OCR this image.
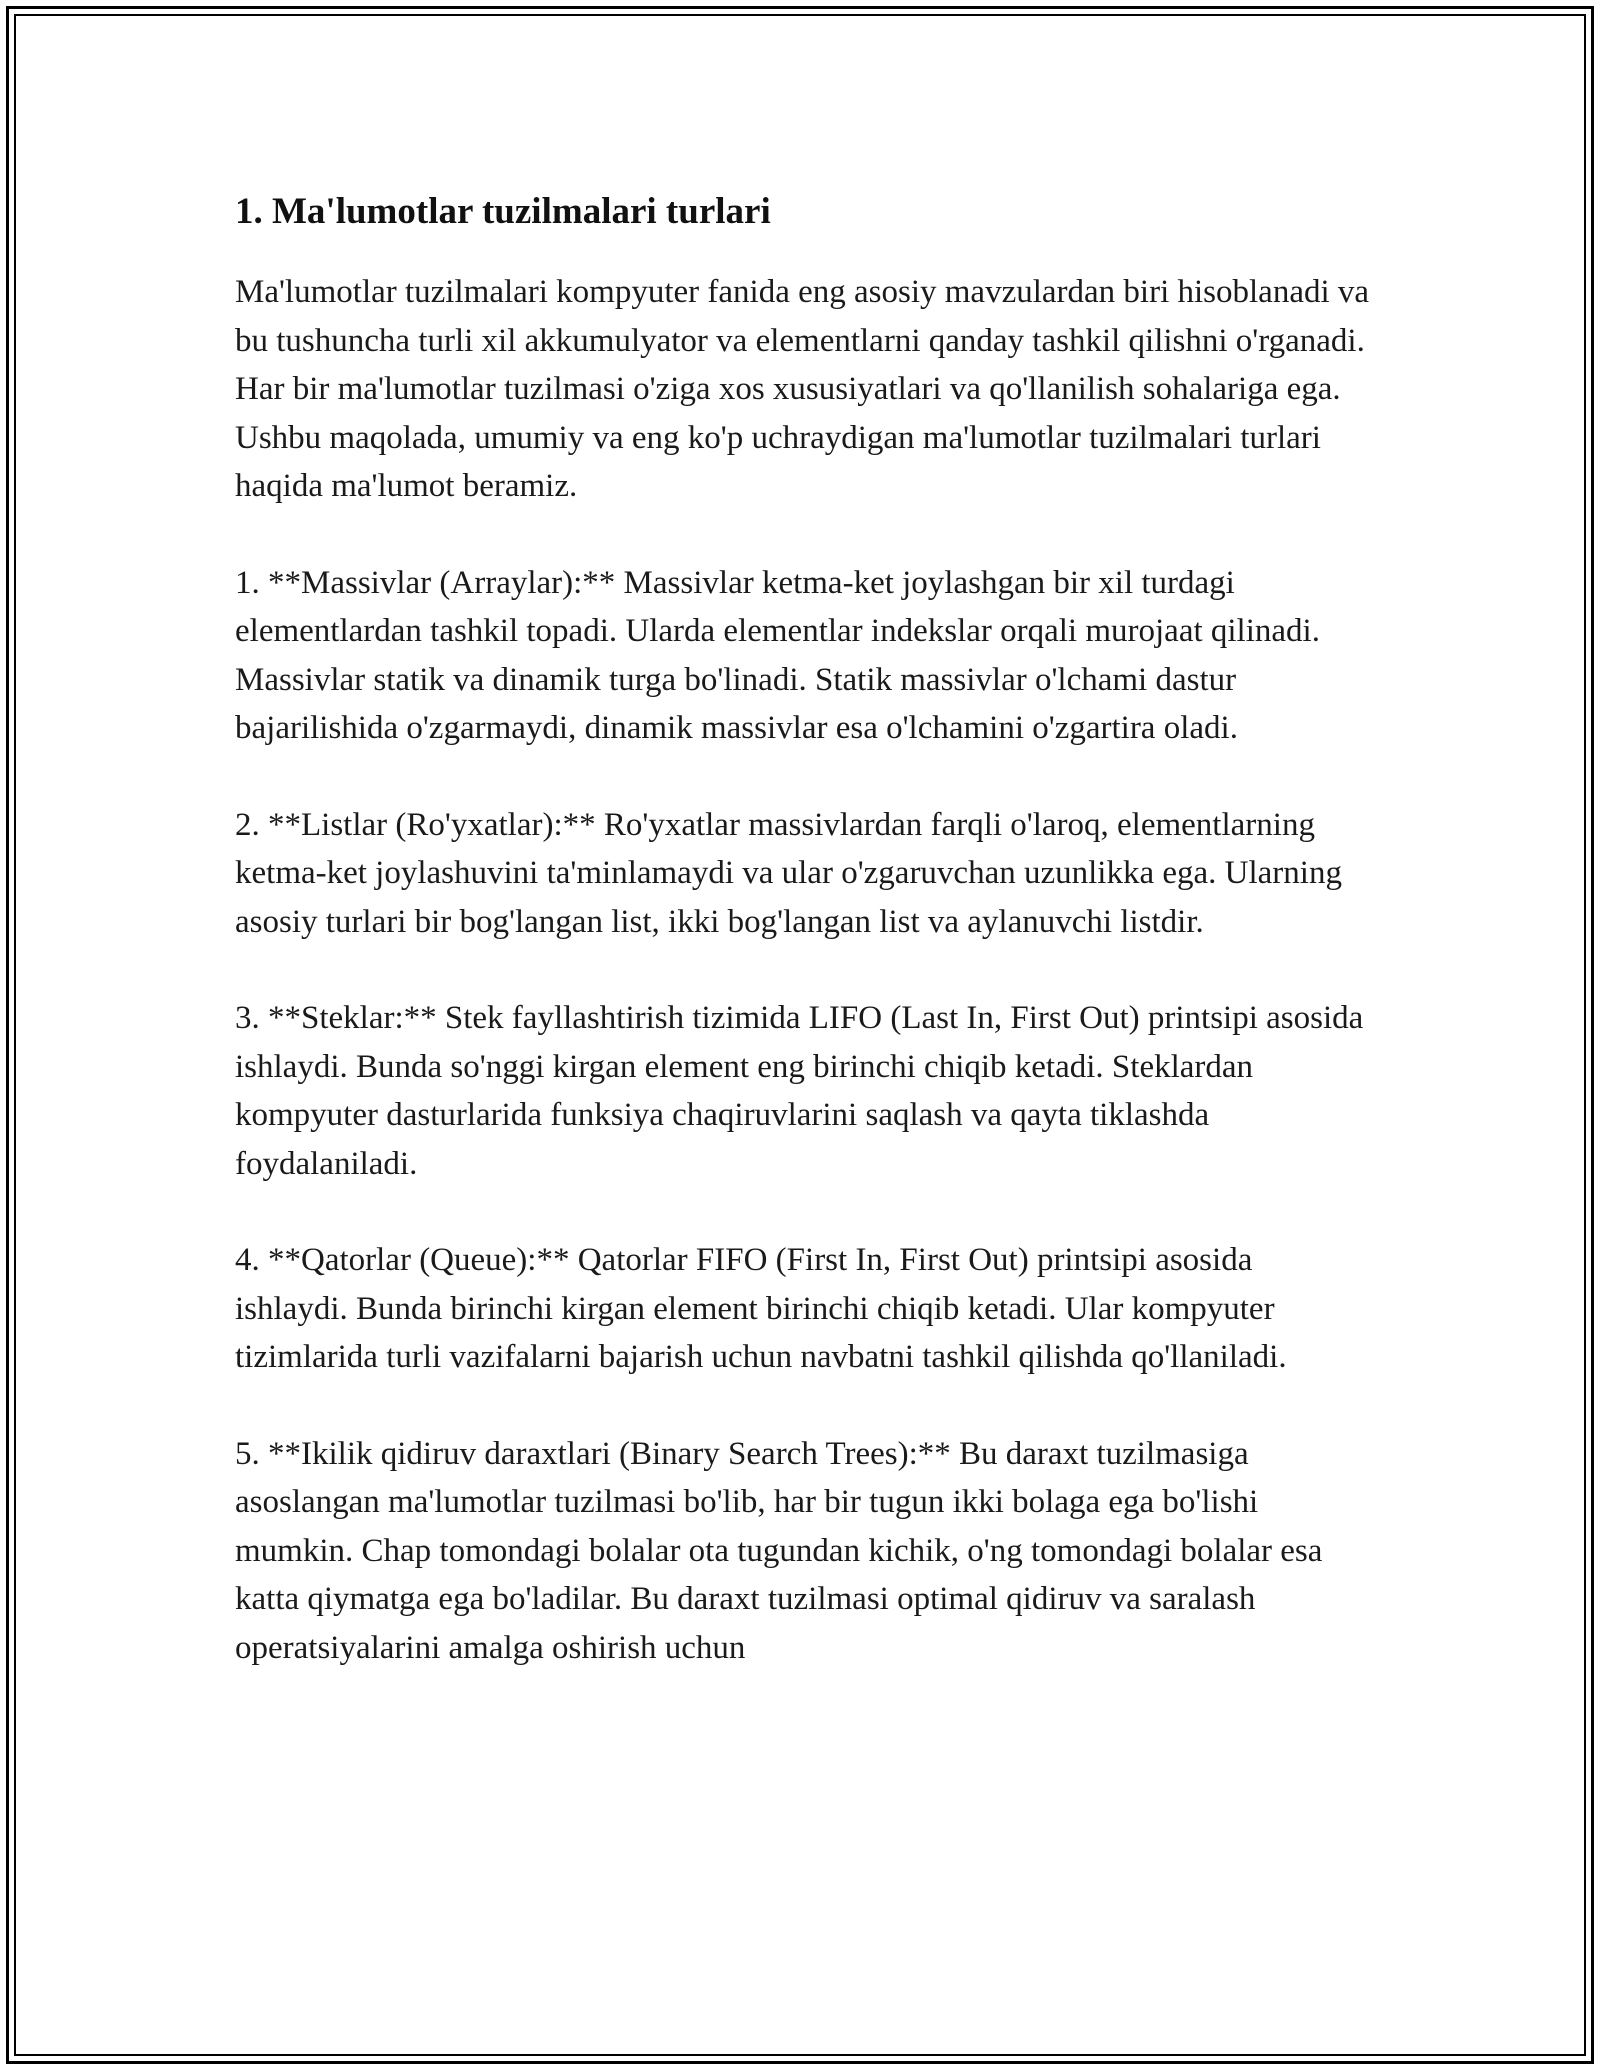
1. Ma'lumotlar tuzilmalari turlari

Ma'lumotlar tuzilmalari kompyuter fanida eng asosiy mavzulardan biri hisoblanadi va bu tushuncha turli xil akkumulyator va elementlarni qanday tashkil qilishni o'rganadi. Har bir ma'lumotlar tuzilmasi o'ziga xos xususiyatlari va qo'llanilish sohalariga ega. Ushbu maqolada, umumiy va eng ko'p uchraydigan ma'lumotlar tuzilmalari turlari haqida ma'lumot beramiz.

1. **Massivlar (Arraylar):** Massivlar ketma-ket joylashgan bir xil turdagi elementlardan tashkil topadi. Ularda elementlar indekslar orqali murojaat qilinadi. Massivlar statik va dinamik turga bo'linadi. Statik massivlar o'lchami dastur bajarilishida o'zgarmaydi, dinamik massivlar esa o'lchamini o'zgartira oladi.

2. **Listlar (Ro'yxatlar):** Ro'yxatlar massivlardan farqli o'laroq, elementlarning ketma-ket joylashuvini ta'minlamaydi va ular o'zgaruvchan uzunlikka ega. Ularning asosiy turlari bir bog'langan list, ikki bog'langan list va aylanuvchi listdir.

3. **Steklar:** Stek fayllashtirish tizimida LIFO (Last In, First Out) printsipi asosida ishlaydi. Bunda so'nggi kirgan element eng birinchi chiqib ketadi. Steklardan kompyuter dasturlarida funksiya chaqiruvlarini saqlash va qayta tiklashda foydalaniladi.

4. **Qatorlar (Queue):** Qatorlar FIFO (First In, First Out) printsipi asosida ishlaydi. Bunda birinchi kirgan element birinchi chiqib ketadi. Ular kompyuter tizimlarida turli vazifalarni bajarish uchun navbatni tashkil qilishda qo'llaniladi.

5. **Ikilik qidiruv daraxtlari (Binary Search Trees):** Bu daraxt tuzilmasiga asoslangan ma'lumotlar tuzilmasi bo'lib, har bir tugun ikki bolaga ega bo'lishi mumkin. Chap tomondagi bolalar ota tugundan kichik, o'ng tomondagi bolalar esa katta qiymatga ega bo'ladilar. Bu daraxt tuzilmasi optimal qidiruv va saralash operatsiyalarini amalga oshirish uchun
